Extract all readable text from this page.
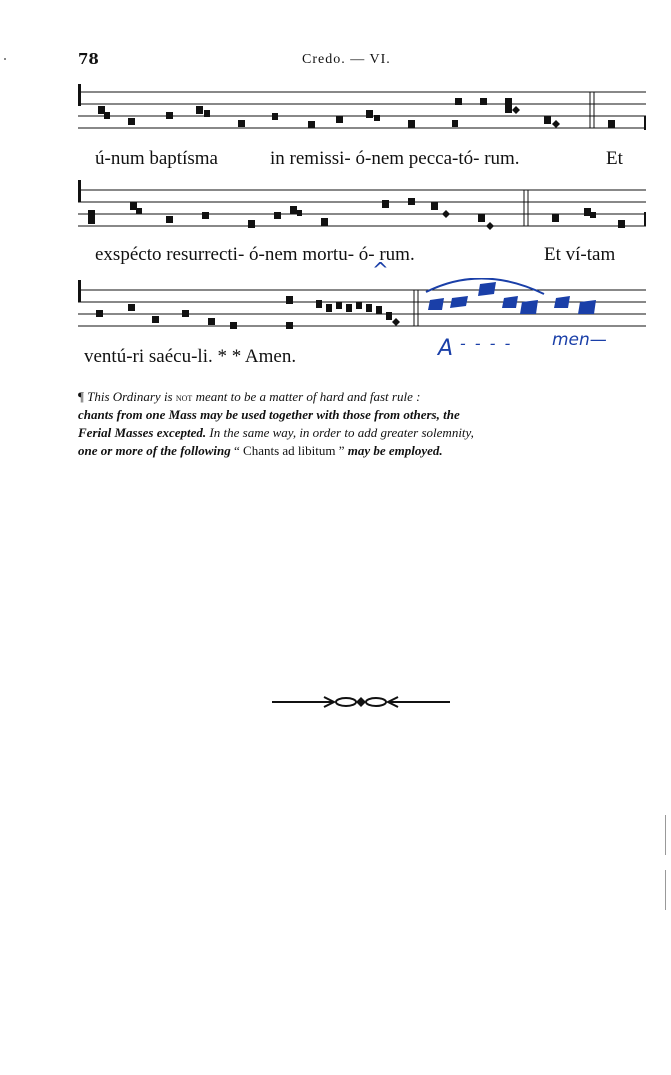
78	Credo. — VI.
ú-num baptísma	in remissi- ó-nem pecca-tó- rum.	Et
exspécto resurrecti- ó-nem mortu- ó- rum.	Et ví-tam
^
ventú-ri saécu-li. * * Amen.	A - - - - men—
¶ This Ordinary is not meant to be a matter of hard and fast rule :
chants from one Mass may be used together with those from others, the
Ferial Masses excepted. In the same way, in order to add greater solemnity,
one or more of the following “ Chants ad libitum ” may be employed.
